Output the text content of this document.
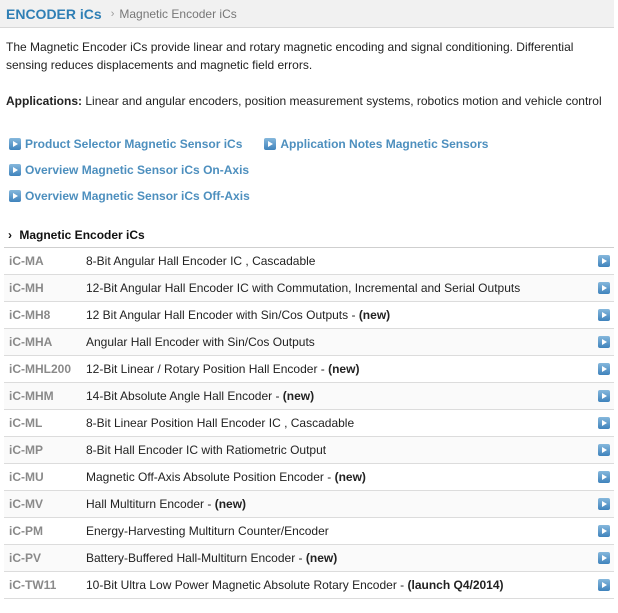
ENCODER iCs › Magnetic Encoder iCs
The Magnetic Encoder iCs provide linear and rotary magnetic encoding and signal conditioning. Differential sensing reduces displacements and magnetic field errors.
Applications: Linear and angular encoders, position measurement systems, robotics motion and vehicle control
Product Selector Magnetic Sensor iCs	Application Notes Magnetic Sensors
Overview Magnetic Sensor iCs On-Axis
Overview Magnetic Sensor iCs Off-Axis
› Magnetic Encoder iCs
iC-MA	8-Bit Angular Hall Encoder IC , Cascadable
iC-MH	12-Bit Angular Hall Encoder IC with Commutation, Incremental and Serial Outputs
iC-MH8	12 Bit Angular Hall Encoder with Sin/Cos Outputs - (new)
iC-MHA	Angular Hall Encoder with Sin/Cos Outputs
iC-MHL200	12-Bit Linear / Rotary Position Hall Encoder - (new)
iC-MHM	14-Bit Absolute Angle Hall Encoder - (new)
iC-ML	8-Bit Linear Position Hall Encoder IC , Cascadable
iC-MP	8-Bit Hall Encoder IC with Ratiometric Output
iC-MU	Magnetic Off-Axis Absolute Position Encoder - (new)
iC-MV	Hall Multiturn Encoder - (new)
iC-PM	Energy-Harvesting Multiturn Counter/Encoder
iC-PV	Battery-Buffered Hall-Multiturn Encoder - (new)
iC-TW11	10-Bit Ultra Low Power Magnetic Absolute Rotary Encoder - (launch Q4/2014)
